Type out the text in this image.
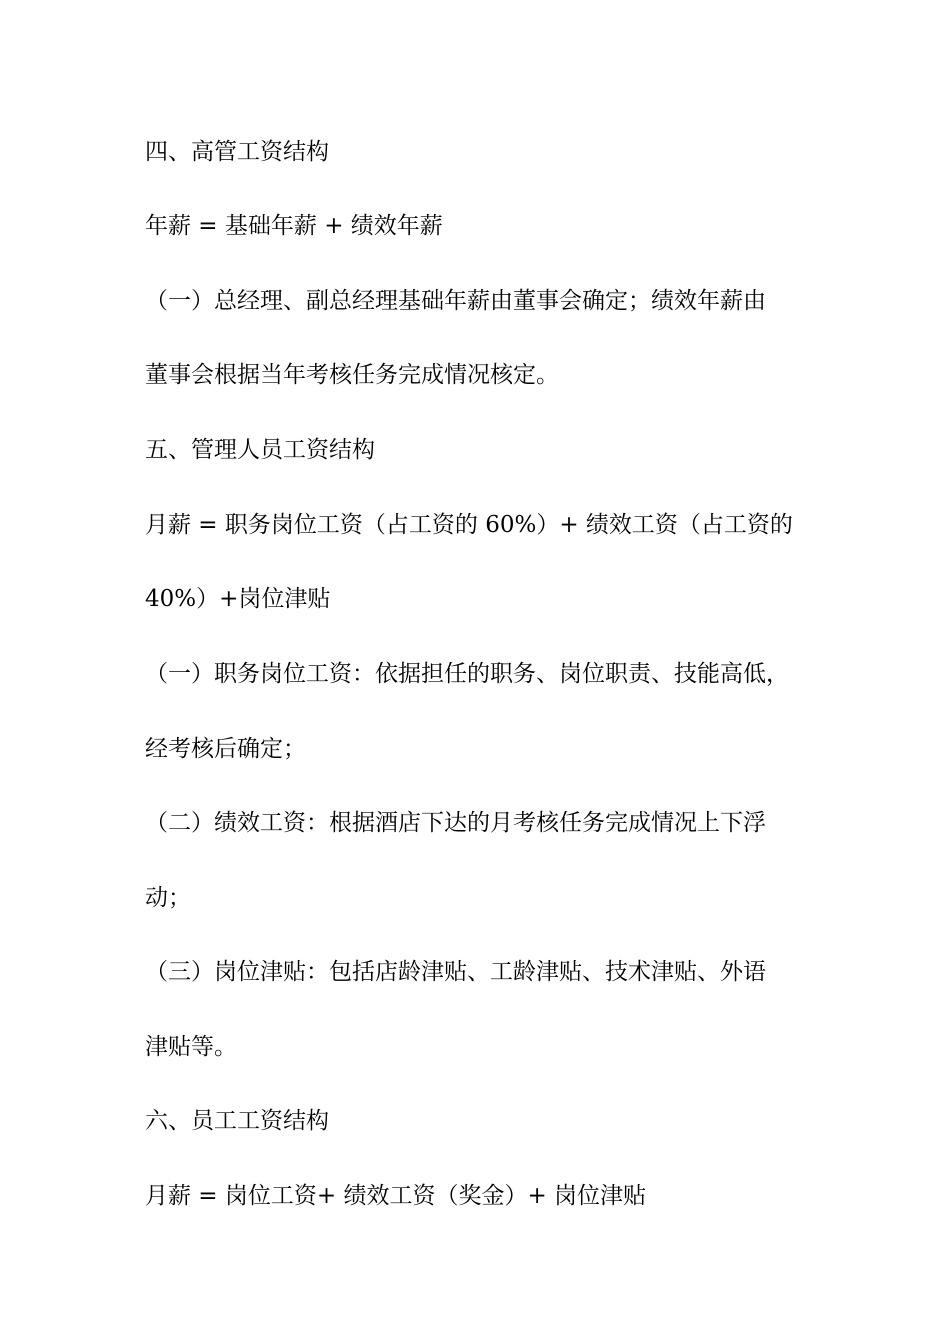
四、高管工资结构
年薪 = 基础年薪 + 绩效年薪
（一）总经理、副总经理基础年薪由董事会确定；绩效年薪由
董事会根据当年考核任务完成情况核定。
五、管理人员工资结构
月薪 = 职务岗位工资（占工资的 60%）+ 绩效工资（占工资的
40%）+岗位津贴
（一）职务岗位工资：依据担任的职务、岗位职责、技能高低，
经考核后确定；
（二）绩效工资：根据酒店下达的月考核任务完成情况上下浮
动；
（三）岗位津贴：包括店龄津贴、工龄津贴、技术津贴、外语
津贴等。
六、员工工资结构
月薪 = 岗位工资+ 绩效工资（奖金）+ 岗位津贴
